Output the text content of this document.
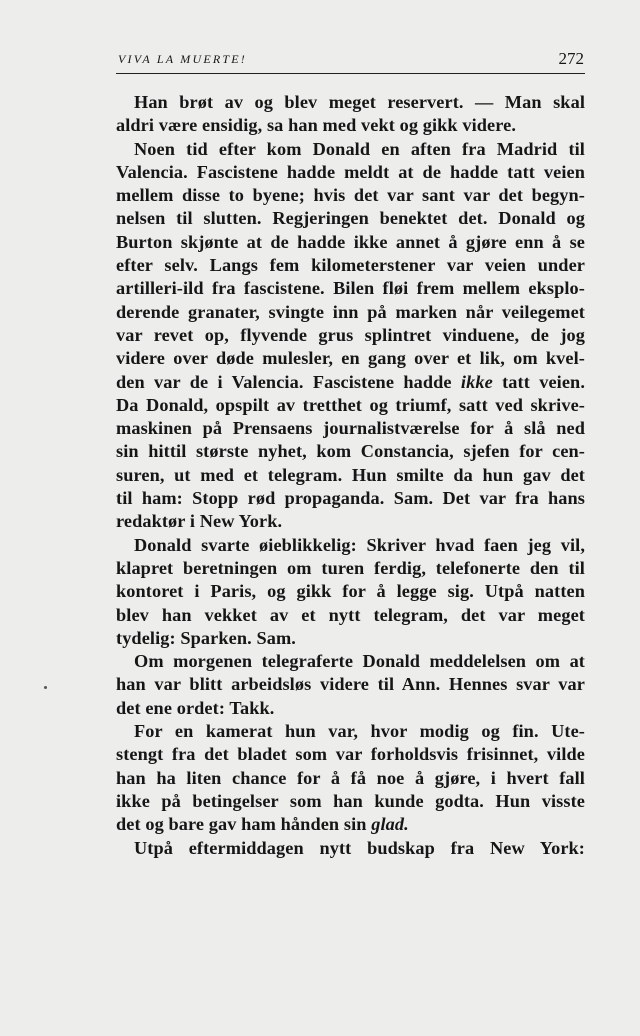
VIVA LA MUERTE!	272
Han brøt av og blev meget reservert. — Man skal
aldri være ensidig, sa han med vekt og gikk videre.
Noen tid efter kom Donald en aften fra Madrid til
Valencia. Fascistene hadde meldt at de hadde tatt veien
mellem disse to byene; hvis det var sant var det begyn-
nelsen til slutten. Regjeringen benektet det. Donald og
Burton skjønte at de hadde ikke annet å gjøre enn å se
efter selv. Langs fem kilometerstener var veien under
artilleri-ild fra fascistene. Bilen fløi frem mellem eksplo-
derende granater, svingte inn på marken når veilegemet
var revet op, flyvende grus splintret vinduene, de jog
videre over døde mulesler, en gang over et lik, om kvel-
den var de i Valencia. Fascistene hadde ikke tatt veien.
Da Donald, opspilt av tretthet og triumf, satt ved skrive-
maskinen på Prensaens journalistværelse for å slå ned
sin hittil største nyhet, kom Constancia, sjefen for cen-
suren, ut med et telegram. Hun smilte da hun gav det
til ham: Stopp rød propaganda. Sam. Det var fra hans
redaktør i New York.
Donald svarte øieblikkelig: Skriver hvad faen jeg vil,
klapret beretningen om turen ferdig, telefonerte den til
kontoret i Paris, og gikk for å legge sig. Utpå natten
blev han vekket av et nytt telegram, det var meget
tydelig: Sparken. Sam.
Om morgenen telegraferte Donald meddelelsen om at
han var blitt arbeidsløs videre til Ann. Hennes svar var
det ene ordet: Takk.
For en kamerat hun var, hvor modig og fin. Ute-
stengt fra det bladet som var forholdsvis frisinnet, vilde
han ha liten chance for å få noe å gjøre, i hvert fall
ikke på betingelser som han kunde godta. Hun visste
det og bare gav ham hånden sin glad.
Utpå eftermiddagen nytt budskap fra New York:
